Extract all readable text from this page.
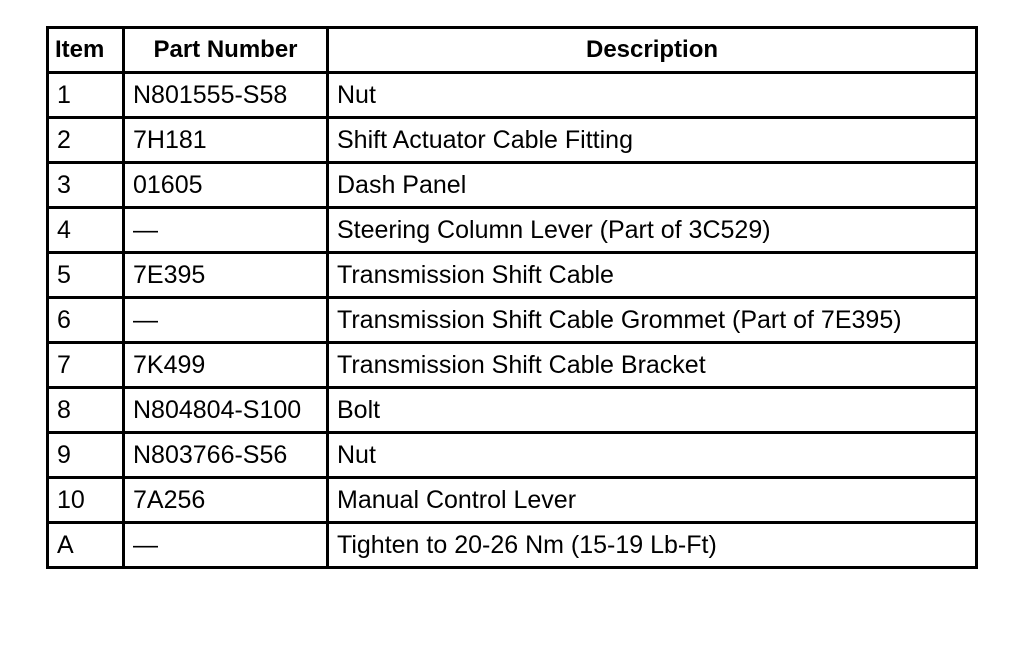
Item	Part Number	Description
1	N801555-S58	Nut
2	7H181	Shift Actuator Cable Fitting
3	01605	Dash Panel
4	—	Steering Column Lever (Part of 3C529)
5	7E395	Transmission Shift Cable
6	—	Transmission Shift Cable Grommet (Part of 7E395)
7	7K499	Transmission Shift Cable Bracket
8	N804804-S100	Bolt
9	N803766-S56	Nut
10	7A256	Manual Control Lever
A	—	Tighten to 20-26 Nm (15-19 Lb-Ft)
